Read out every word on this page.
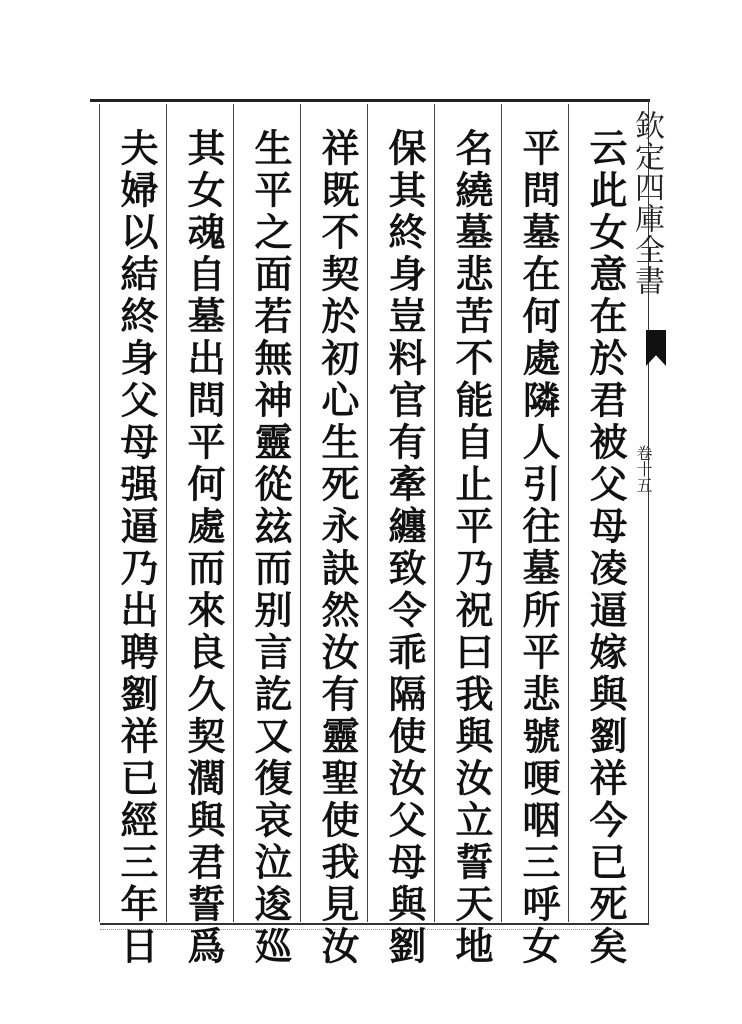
欽定四庫全書
卷十五
云此女意在於君被父母凌逼嫁與劉祥今已死矣
平問墓在何處隣人引往墓所平悲號哽咽三呼女
名繞墓悲苦不能自止平乃祝曰我與汝立誓天地
保其終身豈料官有牽纏致令乖隔使汝父母與劉
祥既不契於初心生死永訣然汝有靈聖使我見汝
生平之面若無神靈從玆而别言訖又復哀泣逡廵
其女魂自墓出問平何處而來良久契濶與君誓爲
夫婦以結終身父母强逼乃出聘劉祥已經三年日
